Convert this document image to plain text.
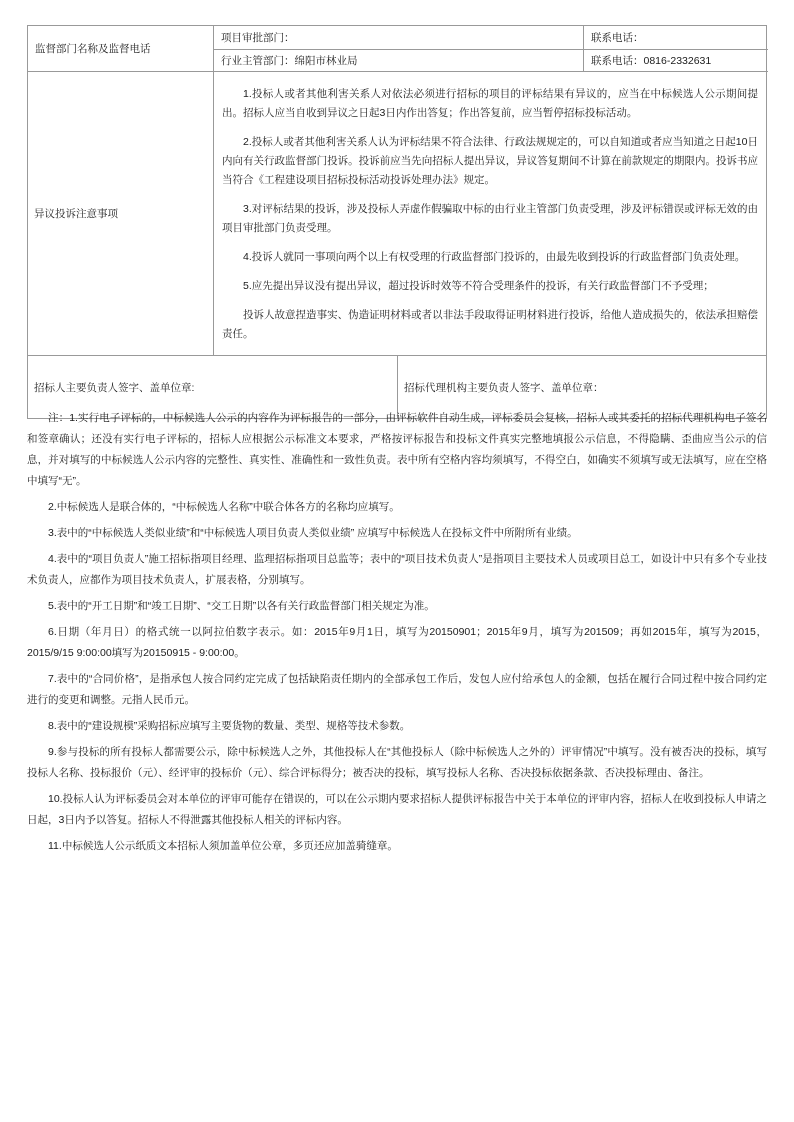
监督部门名称及监督电话
项目审批部门：	联系电话：
行业主管部门：绵阳市林业局	联系电话：0816-2332631
异议投诉注意事项

1.投标人或者其他利害关系人对依法必须进行招标的项目的评标结果有异议的，应当在中标候选人公示期间提出。招标人应当自收到异议之日起3日内作出答复；作出答复前，应当暂停招标投标活动。

2.投标人或者其他利害关系人认为评标结果不符合法律、行政法规规定的，可以自知道或者应当知道之日起10日内向有关行政监督部门投诉。投诉前应当先向招标人提出异议，异议答复期间不计算在前款规定的期限内。投诉书应当符合《工程建设项目招标投标活动投诉处理办法》规定。

3.对评标结果的投诉，涉及投标人弄虚作假骗取中标的由行业主管部门负责受理，涉及评标错误或评标无效的由项目审批部门负责受理。

4.投诉人就同一事项向两个以上有权受理的行政监督部门投诉的，由最先收到投诉的行政监督部门负责处理。

5.应先提出异议没有提出异议，超过投诉时效等不符合受理条件的投诉，有关行政监督部门不予受理；

投诉人故意捏造事实、伪造证明材料或者以非法手段取得证明材料进行投诉，给他人造成损失的，依法承担赔偿责任。

招标人主要负责人签字、盖单位章:	招标代理机构主要负责人签字、盖单位章：

注：1.实行电子评标的，中标候选人公示的内容作为评标报告的一部分，由评标软件自动生成，评标委员会复核，招标人或其委托的招标代理机构电子签名和签章确认；还没有实行电子评标的，招标人应根据公示标准文本要求，严格按评标报告和投标文件真实完整地填报公示信息，不得隐瞒、歪曲应当公示的信息，并对填写的中标候选人公示内容的完整性、真实性、准确性和一致性负责。表中所有空格内容均须填写，不得空白，如确实不须填写或无法填写，应在空格中填写“无”。

2.中标候选人是联合体的，“中标候选人名称”中联合体各方的名称均应填写。

3.表中的“中标候选人类似业绩”和“中标候选人项目负责人类似业绩” 应填写中标候选人在投标文件中所附所有业绩。

4.表中的“项目负责人”施工招标指项目经理、监理招标指项目总监等；表中的“项目技术负责人”是指项目主要技术人员或项目总工，如设计中只有多个专业技术负责人，应都作为项目技术负责人，扩展表格，分别填写。

5.表中的“开工日期”和“竣工日期”、“交工日期”以各有关行政监督部门相关规定为准。

6.日期（年月日）的格式统一以阿拉伯数字表示。如：2015年9月1日，填写为20150901；2015年9月，填写为201509；再如2015年，填写为2015，2015/9/15 9:00:00填写为20150915 - 9:00:00。

7.表中的“合同价格”，是指承包人按合同约定完成了包括缺陷责任期内的全部承包工作后，发包人应付给承包人的金额，包括在履行合同过程中按合同约定进行的变更和调整。元指人民币元。

8.表中的“建设规模”采购招标应填写主要货物的数量、类型、规格等技术参数。

9.参与投标的所有投标人都需要公示，除中标候选人之外，其他投标人在“其他投标人（除中标候选人之外的）评审情况”中填写。没有被否决的投标，填写投标人名称、投标报价（元）、经评审的投标价（元）、综合评标得分；被否决的投标，填写投标人名称、否决投标依据条款、否决投标理由、备注。

10.投标人认为评标委员会对本单位的评审可能存在错误的，可以在公示期内要求招标人提供评标报告中关于本单位的评审内容，招标人在收到投标人申请之日起，3日内予以答复。招标人不得泄露其他投标人相关的评标内容。

11.中标候选人公示纸质文本招标人须加盖单位公章，多页还应加盖骑缝章。
